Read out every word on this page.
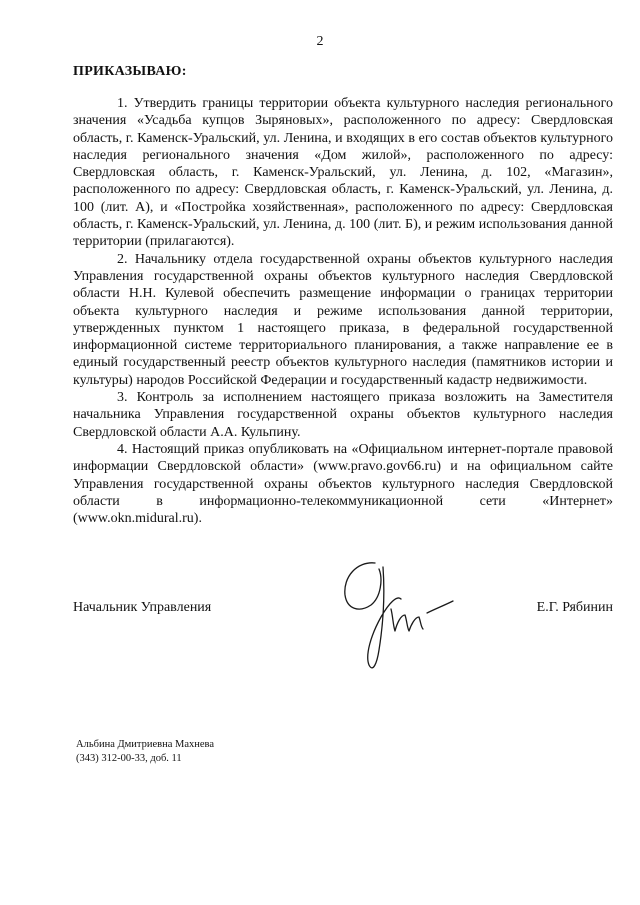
2
ПРИКАЗЫВАЮ:

1. Утвердить границы территории объекта культурного наследия регионального значения «Усадьба купцов Зыряновых», расположенного по адресу: Свердловская область, г. Каменск-Уральский, ул. Ленина, и входящих в его состав объектов культурного наследия регионального значения «Дом жилой», расположенного по адресу: Свердловская область, г. Каменск-Уральский, ул. Ленина, д. 102, «Магазин», расположенного по адресу: Свердловская область, г. Каменск-Уральский, ул. Ленина, д. 100 (лит. А), и «Постройка хозяйственная», расположенного по адресу: Свердловская область, г. Каменск-Уральский, ул. Ленина, д. 100 (лит. Б), и режим использования данной территории (прилагаются).

2. Начальнику отдела государственной охраны объектов культурного наследия Управления государственной охраны объектов культурного наследия Свердловской области Н.Н. Кулевой обеспечить размещение информации о границах территории объекта культурного наследия и режиме использования данной территории, утвержденных пунктом 1 настоящего приказа, в федеральной государственной информационной системе территориального планирования, а также направление ее в единый государственный реестр объектов культурного наследия (памятников истории и культуры) народов Российской Федерации и государственный кадастр недвижимости.

3. Контроль за исполнением настоящего приказа возложить на Заместителя начальника Управления государственной охраны объектов культурного наследия Свердловской области А.А. Кульпину.

4. Настоящий приказ опубликовать на «Официальном интернет-портале правовой информации Свердловской области» (www.pravo.gov66.ru) и на официальном сайте Управления государственной охраны объектов культурного наследия Свердловской области в информационно-телекоммуникационной сети «Интернет» (www.okn.midural.ru).

Начальник Управления	Е.Г. Рябинин
Альбина Дмитриевна Махнева
(343) 312-00-33, доб. 11
